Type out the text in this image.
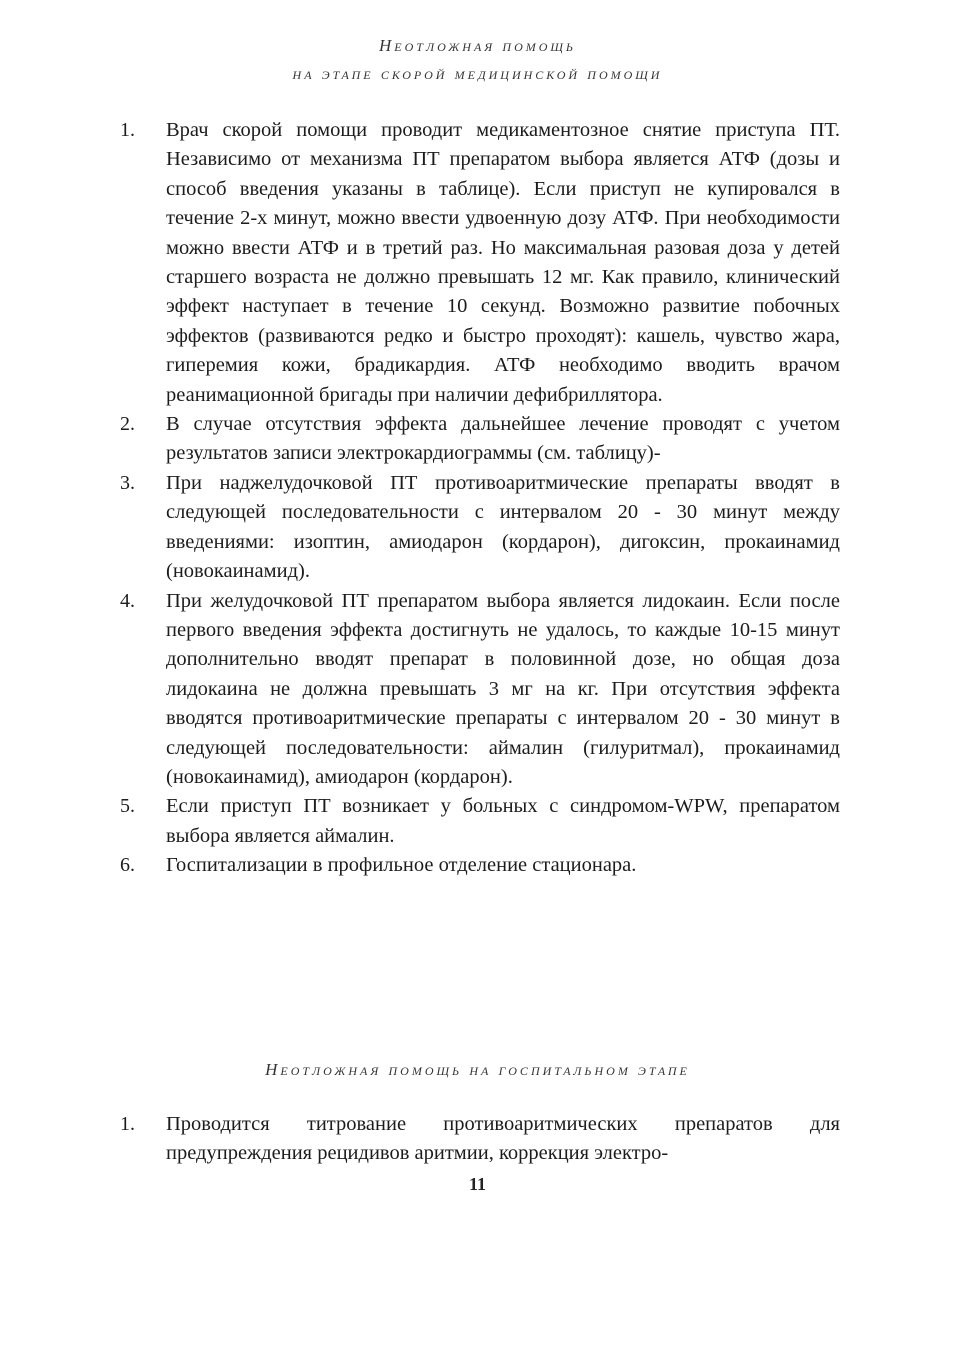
Неотложная помощь
на этапе скорой медицинской помощи
1.	Врач скорой помощи проводит медикаментозное снятие приступа ПТ. Независимо от механизма ПТ препаратом выбора является АТФ (дозы и способ введения указаны в таблице). Если приступ не купировался в течение 2-х минут, можно ввести удвоенную дозу АТФ. При необходимости можно ввести АТФ и в третий раз. Но максимальная разовая доза у детей старшего возраста не должно превышать 12 мг. Как правило, клинический эффект наступает в течение 10 секунд. Возможно развитие побочных эффектов (развиваются редко и быстро проходят): кашель, чувство жара, гиперемия кожи, брадикардия. АТФ необходимо вводить врачом реанимационной бригады при наличии дефибриллятора.
2.	В случае отсутствия эффекта дальнейшее лечение проводят с учетом результатов записи электрокардиограммы (см. таблицу)-
3.	При наджелудочковой ПТ противоаритмические препараты вводят в следующей последовательности с интервалом 20 - 30 минут между введениями: изоптин, амиодарон (кордарон), дигоксин, прокаинамид (новокаинамид).
4.	При желудочковой ПТ препаратом выбора является лидокаин. Если после первого введения эффекта достигнуть не удалось, то каждые 10-15 минут дополнительно вводят препарат в половинной дозе, но общая доза лидокаина не должна превышать 3 мг на кг. При отсутствия эффекта вводятся противоаритмические препараты с интервалом 20 - 30 минут в следующей последовательности: аймалин (гилуритмал), прокаинамид (новокаинамид), амиодарон (кордарон).
5.	Если приступ ПТ возникает у больных с синдромом-WPW, препаратом выбора является аймалин.
6.	Госпитализации в профильное отделение стационара.
Неотложная помощь на госпитальном этапе
1.	Проводится титрование противоаритмических препаратов для предупреждения рецидивов аритмии, коррекция электро-
11
